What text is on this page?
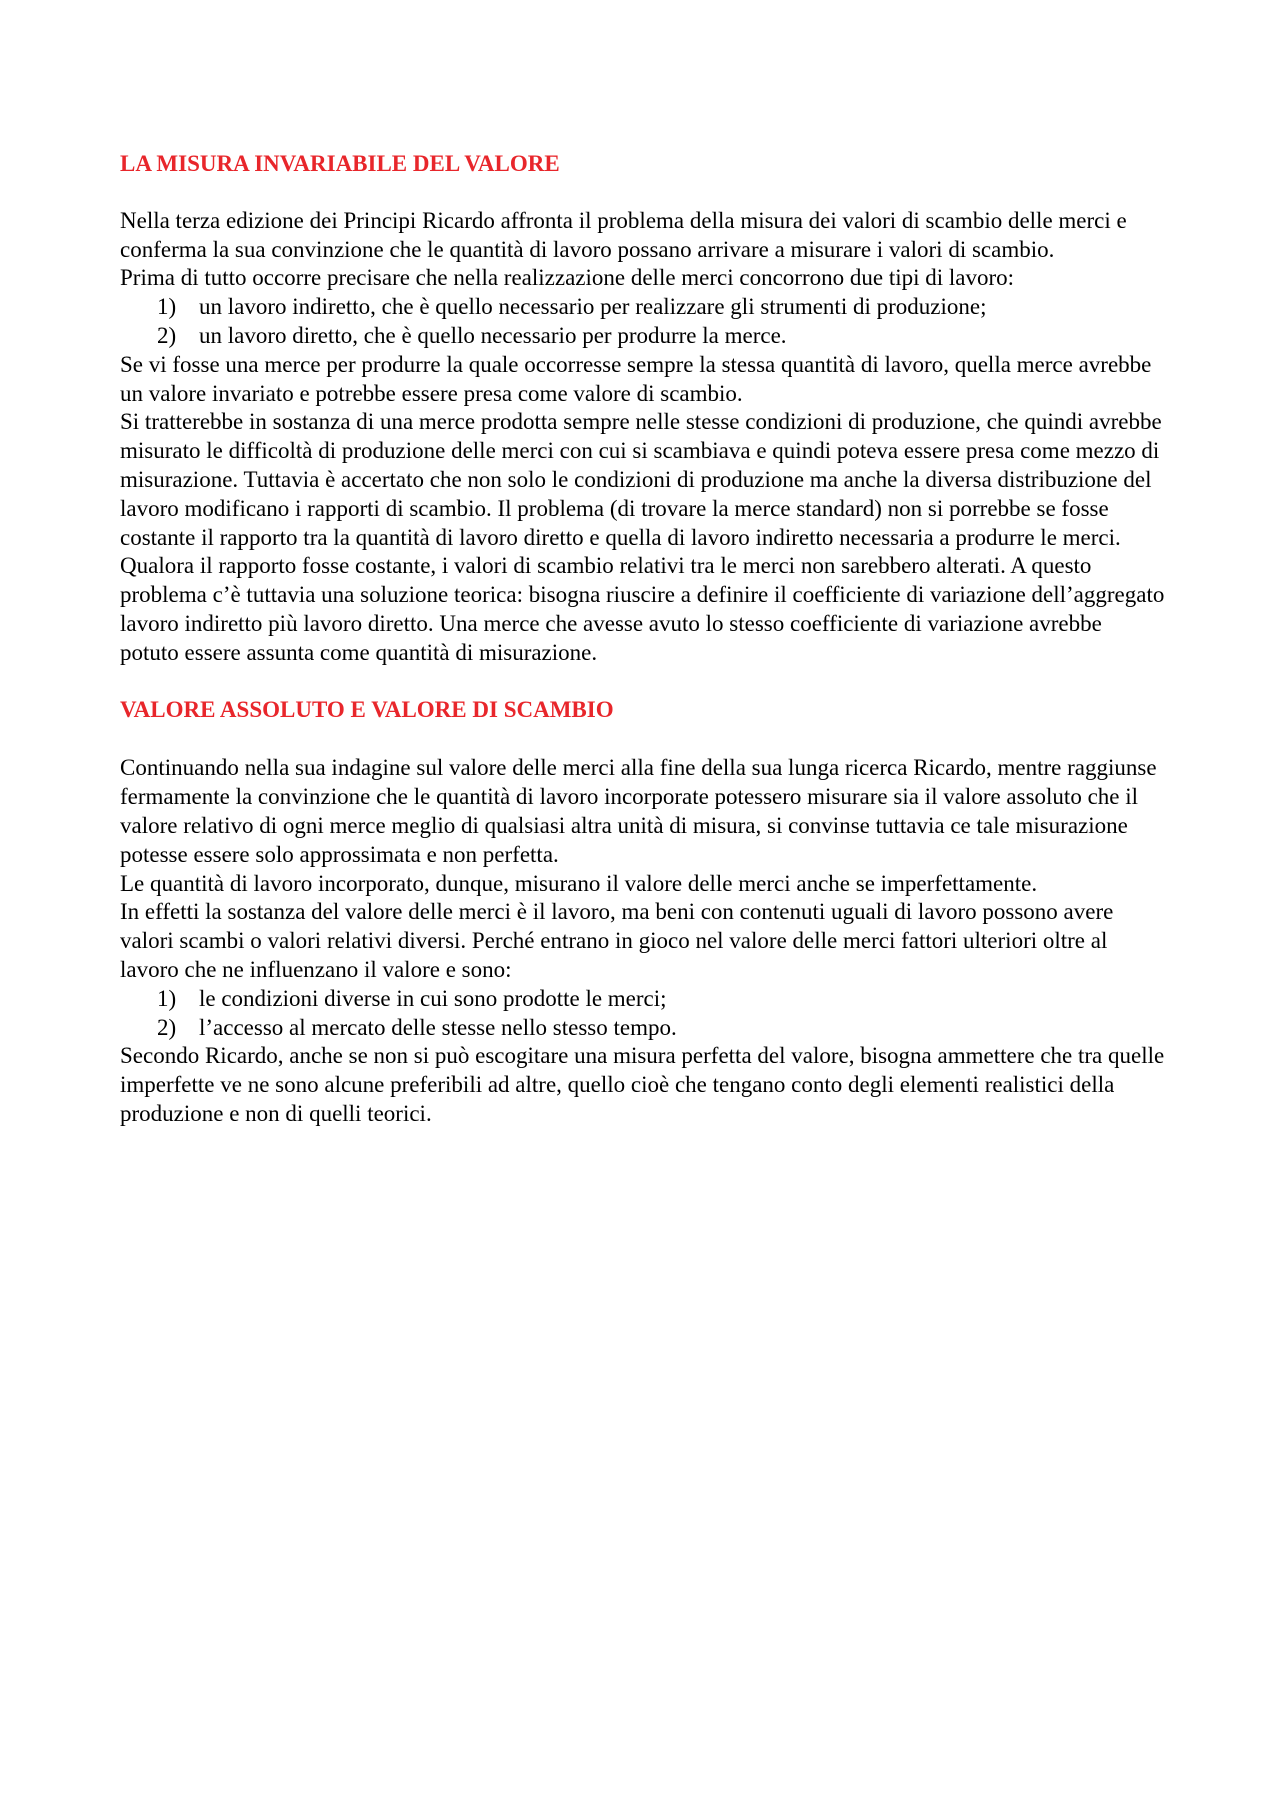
LA MISURA INVARIABILE DEL VALORE

Nella terza edizione dei Principi Ricardo affronta il problema della misura dei valori di scambio delle merci e conferma la sua convinzione che le quantità di lavoro possano arrivare a misurare i valori di scambio.

Prima di tutto occorre precisare che nella realizzazione delle merci concorrono due tipi di lavoro:

1) un lavoro indiretto, che è quello necessario per realizzare gli strumenti di produzione;
2) un lavoro diretto, che è quello necessario per produrre la merce.

Se vi fosse una merce per produrre la quale occorresse sempre la stessa quantità di lavoro, quella merce avrebbe un valore invariato e potrebbe essere presa come valore di scambio.

Si tratterebbe in sostanza di una merce prodotta sempre nelle stesse condizioni di produzione, che quindi avrebbe misurato le difficoltà di produzione delle merci con cui si scambiava e quindi poteva essere presa come mezzo di misurazione. Tuttavia è accertato che non solo le condizioni di produzione ma anche la diversa distribuzione del lavoro modificano i rapporti di scambio. Il problema (di trovare la merce standard) non si porrebbe se fosse costante il rapporto tra la quantità di lavoro diretto e quella di lavoro indiretto necessaria a produrre le merci. Qualora il rapporto fosse costante, i valori di scambio relativi tra le merci non sarebbero alterati. A questo problema c’è tuttavia una soluzione teorica: bisogna riuscire a definire il coefficiente di variazione dell’aggregato lavoro indiretto più lavoro diretto. Una merce che avesse avuto lo stesso coefficiente di variazione avrebbe potuto essere assunta come quantità di misurazione.

VALORE ASSOLUTO E VALORE DI SCAMBIO

Continuando nella sua indagine sul valore delle merci alla fine della sua lunga ricerca Ricardo, mentre raggiunse fermamente la convinzione che le quantità di lavoro incorporate potessero misurare sia il valore assoluto che il valore relativo di ogni merce meglio di qualsiasi altra unità di misura, si convinse tuttavia ce tale misurazione potesse essere solo approssimata e non perfetta.

Le quantità di lavoro incorporato, dunque, misurano il valore delle merci anche se imperfettamente.

In effetti la sostanza del valore delle merci è il lavoro, ma beni con contenuti uguali di lavoro possono avere valori scambi o valori relativi diversi. Perché entrano in gioco nel valore delle merci fattori ulteriori oltre al lavoro che ne influenzano il valore e sono:

1) le condizioni diverse in cui sono prodotte le merci;
2) l’accesso al mercato delle stesse nello stesso tempo.

Secondo Ricardo, anche se non si può escogitare una misura perfetta del valore, bisogna ammettere che tra quelle imperfette ve ne sono alcune preferibili ad altre, quello cioè che tengano conto degli elementi realistici della produzione e non di quelli teorici.
